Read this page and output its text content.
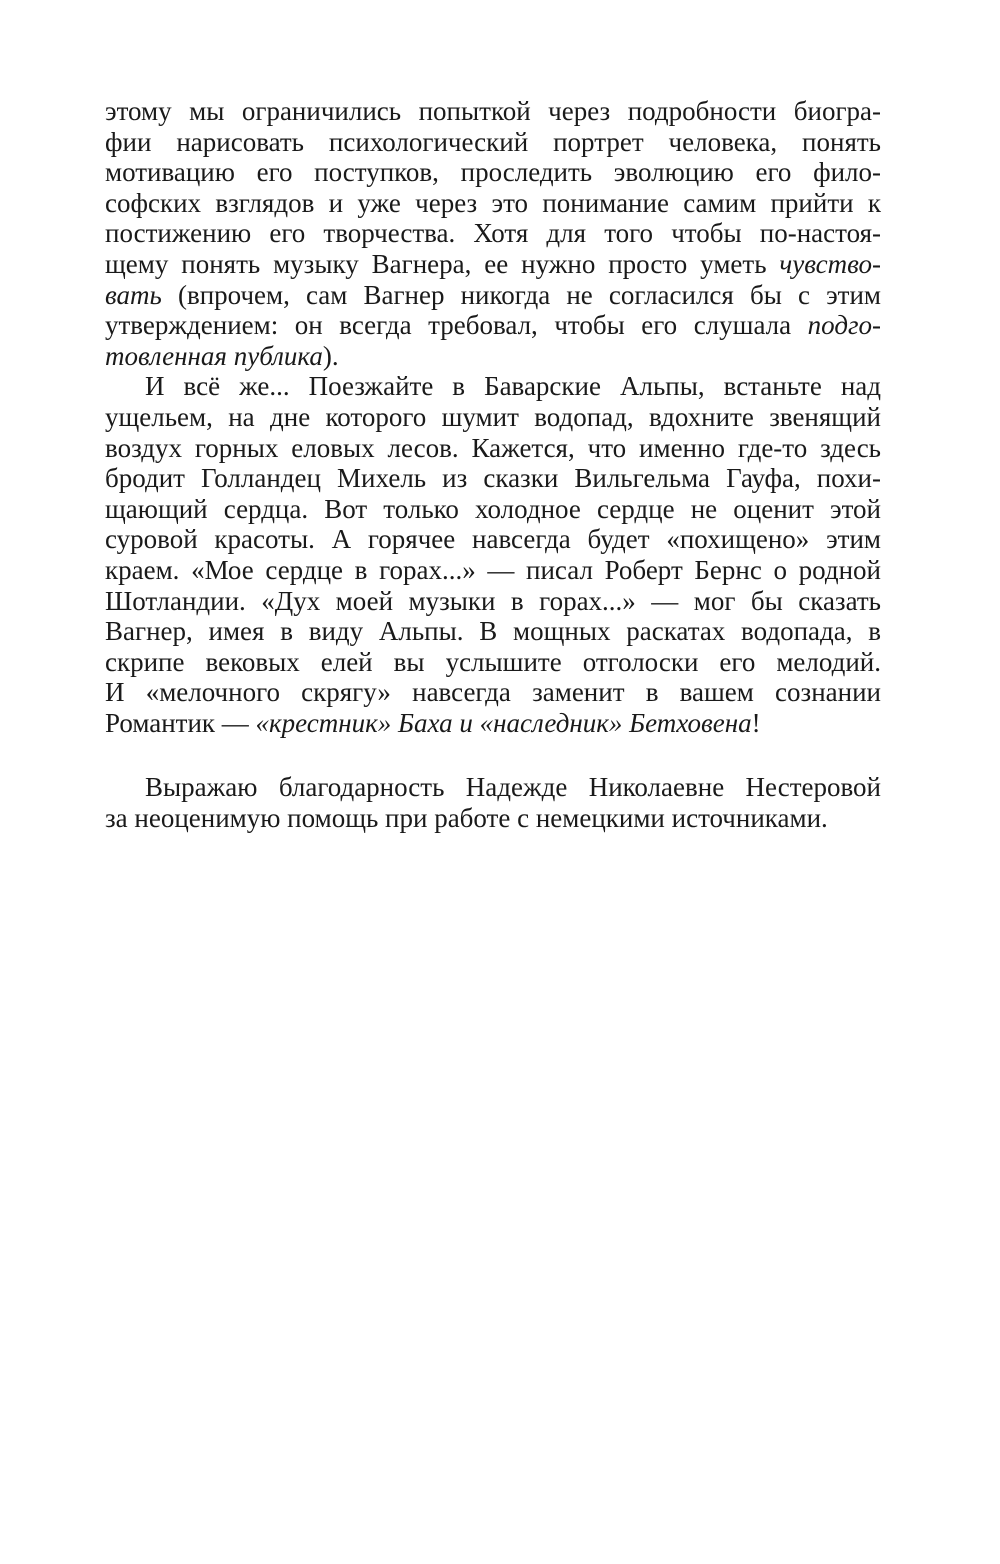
этому мы ограничились попыткой через подробности биогра-
фии нарисовать психологический портрет человека, понять
мотивацию его поступков, проследить эволюцию его фило-
софских взглядов и уже через это понимание самим прийти к
постижению его творчества. Хотя для того чтобы по-настоя-
щему понять музыку Вагнера, ее нужно просто уметь чувство-
вать (впрочем, сам Вагнер никогда не согласился бы с этим
утверждением: он всегда требовал, чтобы его слушала подго-
товленная публика).
И всё же... Поезжайте в Баварские Альпы, встаньте над
ущельем, на дне которого шумит водопад, вдохните звенящий
воздух горных еловых лесов. Кажется, что именно где-то здесь
бродит Голландец Михель из сказки Вильгельма Гауфа, похи-
щающий сердца. Вот только холодное сердце не оценит этой
суровой красоты. А горячее навсегда будет «похищено» этим
краем. «Мое сердце в горах...» — писал Роберт Бернс о родной
Шотландии. «Дух моей музыки в горах...» — мог бы сказать
Вагнер, имея в виду Альпы. В мощных раскатах водопада, в
скрипе вековых елей вы услышите отголоски его мелодий.
И «мелочного скрягу» навсегда заменит в вашем сознании
Романтик — «крестник» Баха и «наследник» Бетховена!
Выражаю благодарность Надежде Николаевне Нестеровой
за неоценимую помощь при работе с немецкими источниками.
